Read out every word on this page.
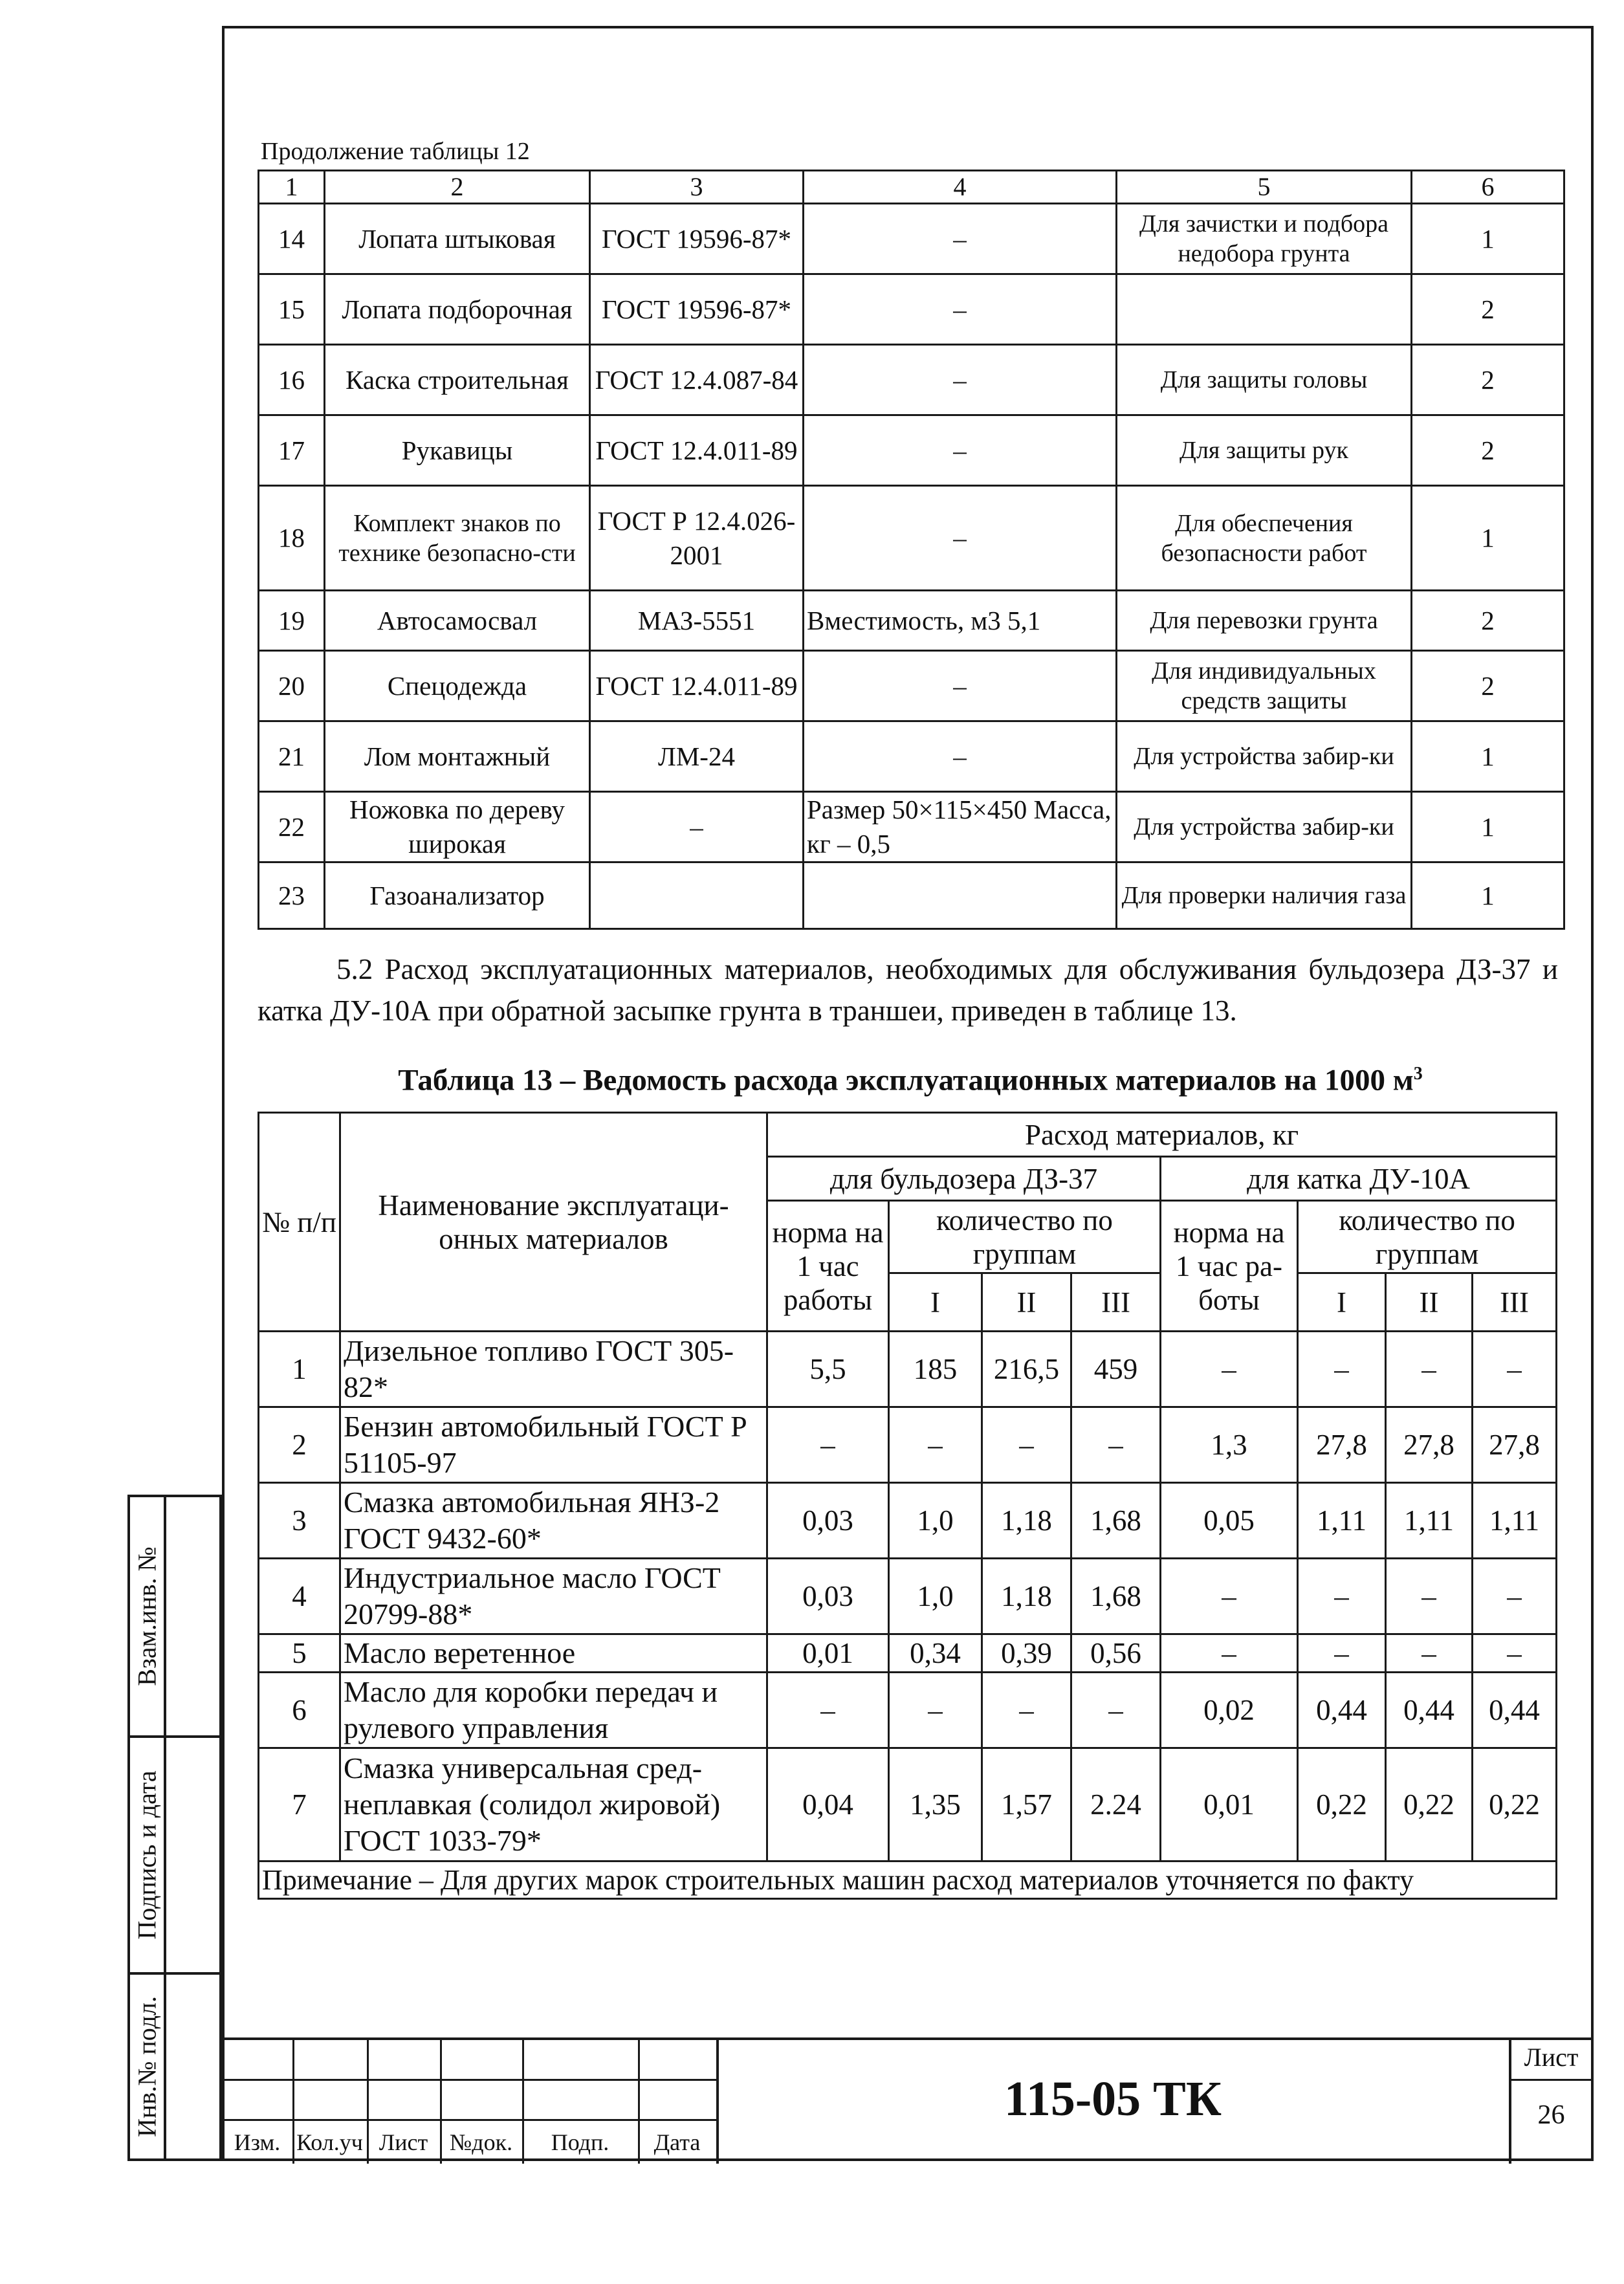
Продолжение таблицы 12
1	2	3	4	5	6
14	Лопата штыковая	ГОСТ 19596-87*	–	Для зачистки и подбора недобора грунта	1
15	Лопата подборочная	ГОСТ 19596-87*	–		2
16	Каска строительная	ГОСТ 12.4.087-84	–	Для защиты головы	2
17	Рукавицы	ГОСТ 12.4.011-89	–	Для защиты рук	2
18	Комплект знаков по технике безопасно-сти	ГОСТ Р 12.4.026-2001	–	Для обеспечения безопасности работ	1
19	Автосамосвал	МАЗ-5551	Вместимость, м3 5,1	Для перевозки грунта	2
20	Спецодежда	ГОСТ 12.4.011-89	–	Для индивидуальных средств защиты	2
21	Лом монтажный	ЛМ-24	–	Для устройства забир-ки	1
22	Ножовка по дереву широкая	–	Размер 50×115×450 Масса, кг – 0,5	Для устройства забир-ки	1
23	Газоанализатор			Для проверки наличия газа	1
5.2 Расход эксплуатационных материалов, необходимых для обслуживания бульдозера ДЗ-37 и катка ДУ-10А при обратной засыпке грунта в траншеи, приведен в таблице 13.
Таблица 13 – Ведомость расхода эксплуатационных материалов на 1000 $м^3$
№ п/п	Наименование эксплуатаци-онных материалов	Расход материалов, кг							
		для бульдозера ДЗ-37				для катка ДУ-10А			
		норма на 1 час работы	количество по группам			норма на 1 час ра-боты	количество по группам		
			I	II	III		I	II	III
1	Дизельное топливо ГОСТ 305-82*	5,5	185	216,5	459	–	–	–	–
2	Бензин автомобильный ГОСТ Р 51105-97	–	–	–	–	1,3	27,8	27,8	27,8
3	Смазка автомобильная ЯНЗ-2 ГОСТ 9432-60*	0,03	1,0	1,18	1,68	0,05	1,11	1,11	1,11
4	Индустриальное масло ГОСТ 20799-88*	0,03	1,0	1,18	1,68	–	–	–	–
5	Масло веретенное	0,01	0,34	0,39	0,56	–	–	–	–
6	Масло для коробки передач и рулевого управления	–	–	–	–	0,02	0,44	0,44	0,44
7	Смазка универсальная сред-неплавкая (солидол жировой) ГОСТ 1033-79*	0,04	1,35	1,57	2.24	0,01	0,22	0,22	0,22
Примечание – Для других марок строительных машин расход материалов уточняется по факту									
Взам.инв. №
Подпись и дата
Инв.№ подл.
Изм. Кол.уч Лист №док.	Подп.	Дата
115-05 ТК
Лист
26
